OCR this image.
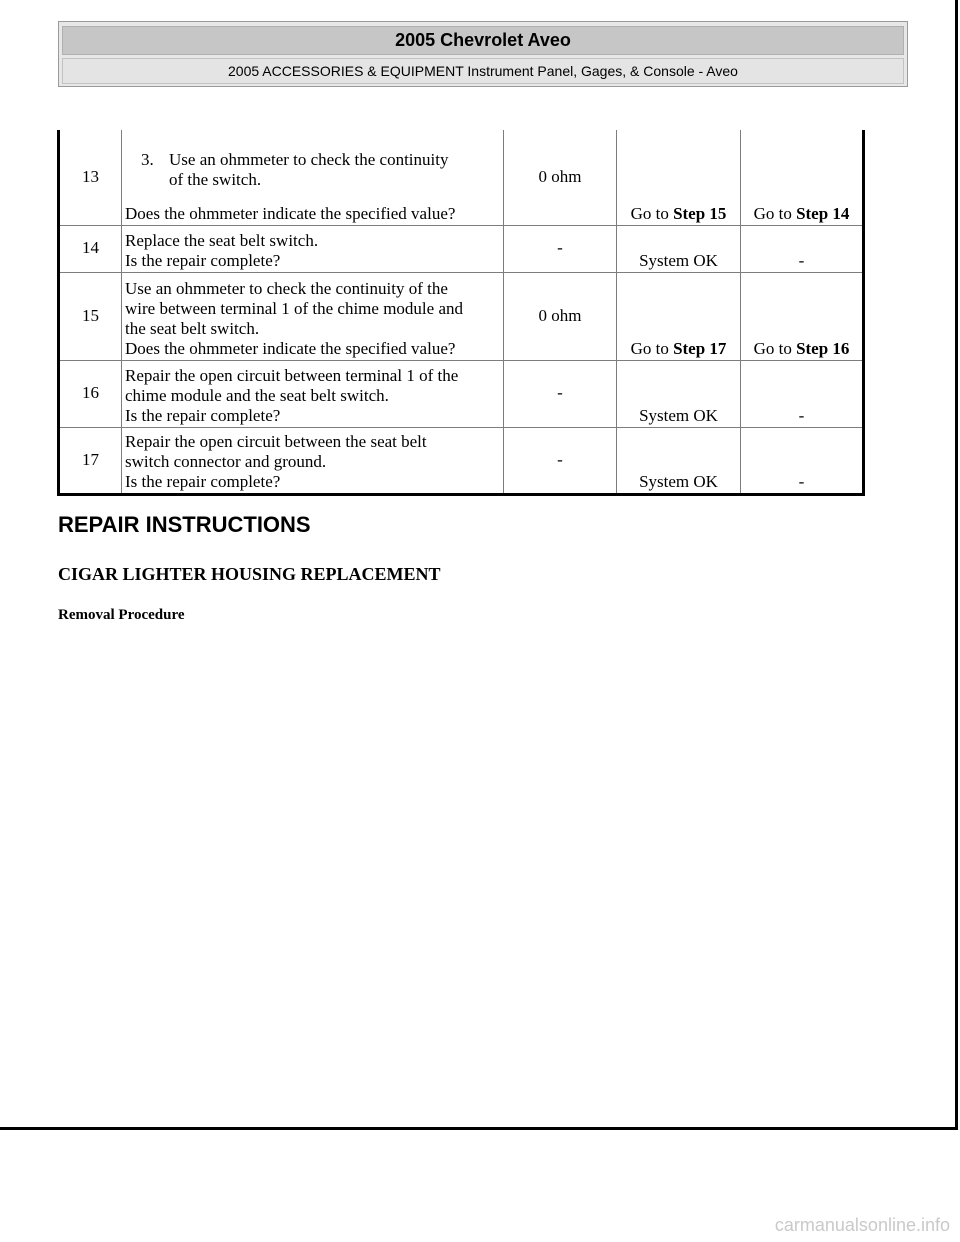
2005 Chevrolet Aveo
2005 ACCESSORIES & EQUIPMENT Instrument Panel, Gages, & Console - Aveo
13	3. Use an ohmmeter to check the continuity
of the switch.
Does the ohmmeter indicate the specified value?	0 ohm	Go to Step 15	Go to Step 14
14	Replace the seat belt switch.
Is the repair complete?	-	System OK	-
15	Use an ohmmeter to check the continuity of the
wire between terminal 1 of the chime module and
the seat belt switch.
Does the ohmmeter indicate the specified value?	0 ohm	Go to Step 17	Go to Step 16
16	Repair the open circuit between terminal 1 of the
chime module and the seat belt switch.
Is the repair complete?	-	System OK	-
17	Repair the open circuit between the seat belt
switch connector and ground.
Is the repair complete?	-	System OK	-
REPAIR INSTRUCTIONS
CIGAR LIGHTER HOUSING REPLACEMENT
Removal Procedure
carmanualsonline.info
